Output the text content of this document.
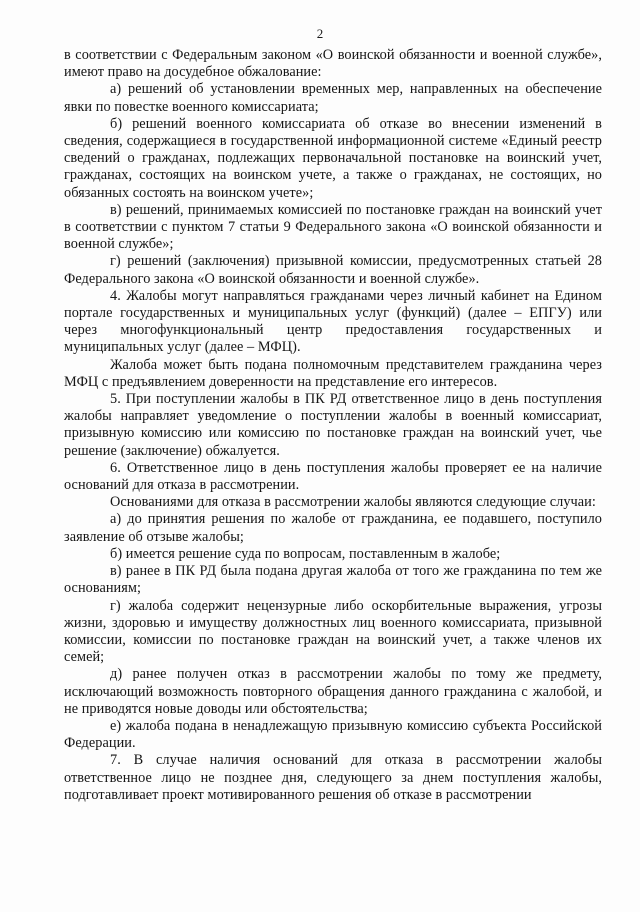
2

в соответствии с Федеральным законом «О воинской обязанности и военной службе», имеют право на досудебное обжалование:

а) решений об установлении временных мер, направленных на обеспечение явки по повестке военного комиссариата;

б) решений военного комиссариата об отказе во внесении изменений в сведения, содержащиеся в государственной информационной системе «Единый реестр сведений о гражданах, подлежащих первоначальной постановке на воинский учет, гражданах, состоящих на воинском учете, а также о гражданах, не состоящих, но обязанных состоять на воинском учете»;

в) решений, принимаемых комиссией по постановке граждан на воинский учет в соответствии с пунктом 7 статьи 9 Федерального закона «О воинской обязанности и военной службе»;

г) решений (заключения) призывной комиссии, предусмотренных статьей 28 Федерального закона «О воинской обязанности и военной службе».

4. Жалобы могут направляться гражданами через личный кабинет на Едином портале государственных и муниципальных услуг (функций) (далее – ЕПГУ) или через многофункциональный центр предоставления государственных и муниципальных услуг (далее – МФЦ).

Жалоба может быть подана полномочным представителем гражданина через МФЦ с предъявлением доверенности на представление его интересов.

5. При поступлении жалобы в ПК РД ответственное лицо в день поступления жалобы направляет уведомление о поступлении жалобы в военный комиссариат, призывную комиссию или комиссию по постановке граждан на воинский учет, чье решение (заключение) обжалуется.

6. Ответственное лицо в день поступления жалобы проверяет ее на наличие оснований для отказа в рассмотрении.

Основаниями для отказа в рассмотрении жалобы являются следующие случаи:

а) до принятия решения по жалобе от гражданина, ее подавшего, поступило заявление об отзыве жалобы;

б) имеется решение суда по вопросам, поставленным в жалобе;

в) ранее в ПК РД была подана другая жалоба от того же гражданина по тем же основаниям;

г) жалоба содержит нецензурные либо оскорбительные выражения, угрозы жизни, здоровью и имуществу должностных лиц военного комиссариата, призывной комиссии, комиссии по постановке граждан на воинский учет, а также членов их семей;

д) ранее получен отказ в рассмотрении жалобы по тому же предмету, исключающий возможность повторного обращения данного гражданина с жалобой, и не приводятся новые доводы или обстоятельства;

е) жалоба подана в ненадлежащую призывную комиссию субъекта Российской Федерации.

7. В случае наличия оснований для отказа в рассмотрении жалобы ответственное лицо не позднее дня, следующего за днем поступления жалобы, подготавливает проект мотивированного решения об отказе в рассмотрении
